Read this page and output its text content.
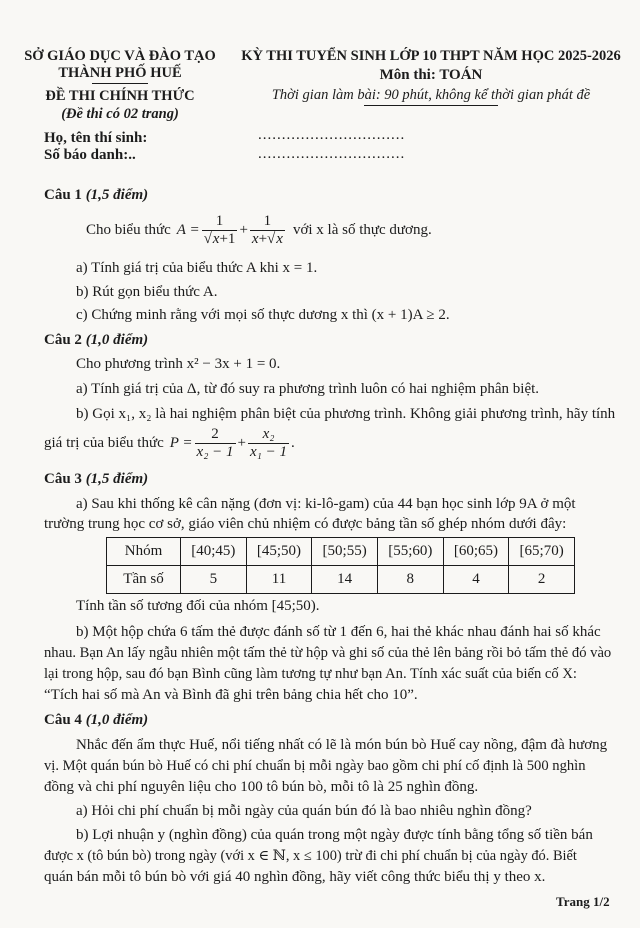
SỞ GIÁO DỤC VÀ ĐÀO TẠO
THÀNH PHỐ HUẾ
ĐỀ THI CHÍNH THỨC
(Đề thi có 02 trang)
KỲ THI TUYỂN SINH LỚP 10 THPT NĂM HỌC 2025-2026
Môn thi: TOÁN
Thời gian làm bài: 90 phút, không kể thời gian phát đề
Họ, tên thí sinh:	...............................
Số báo danh:..	...............................
Câu 1 (1,5 điểm)
Cho biểu thức $A = \frac{1}{√x+1} + \frac{1}{x+√x}$ với x là số thực dương.
a) Tính giá trị của biểu thức A khi x = 1.
b) Rút gọn biểu thức A.
c) Chứng minh rằng với mọi số thực dương x thì (x + 1)A ≥ 2.
Câu 2 (1,0 điểm)
Cho phương trình x² − 3x + 1 = 0.
a) Tính giá trị của Δ, từ đó suy ra phương trình luôn có hai nghiệm phân biệt.
b) Gọi x₁, x₂ là hai nghiệm phân biệt của phương trình. Không giải phương trình, hãy tính
giá trị của biểu thức $P = \frac{2}{\text{x₂ − 1}} + \frac{\text{x₂}}{\text{x₁ − 1}}$ .
Câu 3 (1,5 điểm)
a) Sau khi thống kê cân nặng (đơn vị: ki-lô-gam) của 44 bạn học sinh lớp 9A ở một
trường trung học cơ sở, giáo viên chủ nhiệm có được bảng tần số ghép nhóm dưới đây:
Nhóm	[40;45)	[45;50)	[50;55)	[55;60)	[60;65)	[65;70)
Tần số	5	11	14	8	4	2
Tính tần số tương đối của nhóm [45;50).
b) Một hộp chứa 6 tấm thẻ được đánh số từ 1 đến 6, hai thẻ khác nhau đánh hai số khác
nhau. Bạn An lấy ngẫu nhiên một tấm thẻ từ hộp và ghi số của thẻ lên bảng rồi bỏ tấm thẻ đó vào
lại trong hộp, sau đó bạn Bình cũng làm tương tự như bạn An. Tính xác suất của biến cố X:
“Tích hai số mà An và Bình đã ghi trên bảng chia hết cho 10”.
Câu 4 (1,0 điểm)
Nhắc đến ẩm thực Huế, nổi tiếng nhất có lẽ là món bún bò Huế cay nồng, đậm đà hương
vị. Một quán bún bò Huế có chi phí chuẩn bị mỗi ngày bao gồm chi phí cố định là 500 nghìn
đồng và chi phí nguyên liệu cho 100 tô bún bò, mỗi tô là 25 nghìn đồng.
a) Hỏi chi phí chuẩn bị mỗi ngày của quán bún đó là bao nhiêu nghìn đồng?
b) Lợi nhuận y (nghìn đồng) của quán trong một ngày được tính bằng tổng số tiền bán
được x (tô bún bò) trong ngày (với x ∈ ℕ, x ≤ 100) trừ đi chi phí chuẩn bị của ngày đó. Biết
quán bán mỗi tô bún bò với giá 40 nghìn đồng, hãy viết công thức biểu thị y theo x.
Trang 1/2
